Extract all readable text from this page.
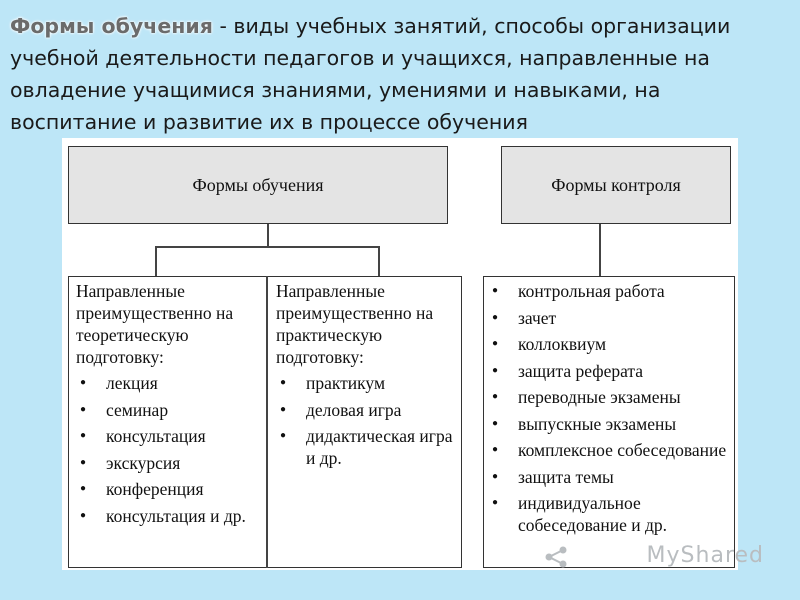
Формы обучения - виды учебных занятий, способы организации учебной деятельности педагогов и учащихся, направленные на овладение учащимися знаниями, умениями и навыками, на воспитание и развитие их в процессе обучения
Формы обучения	Формы контроля

Направленные преимущественно на теоретическую подготовку:

● лекция
● семинар
● консультация
● экскурсия
● конференция
● консультация и др.

Направленные преимущественно на практическую подготовку:

● практикум
● деловая игра
● дидактическая игра и др.
● контрольная работа
● зачет
● коллоквиум
● защита реферата
● переводные экзамены
● выпускные экзамены
● комплексное собеседование
● защита темы
● индивидуальное собеседование и др.
MyShared
